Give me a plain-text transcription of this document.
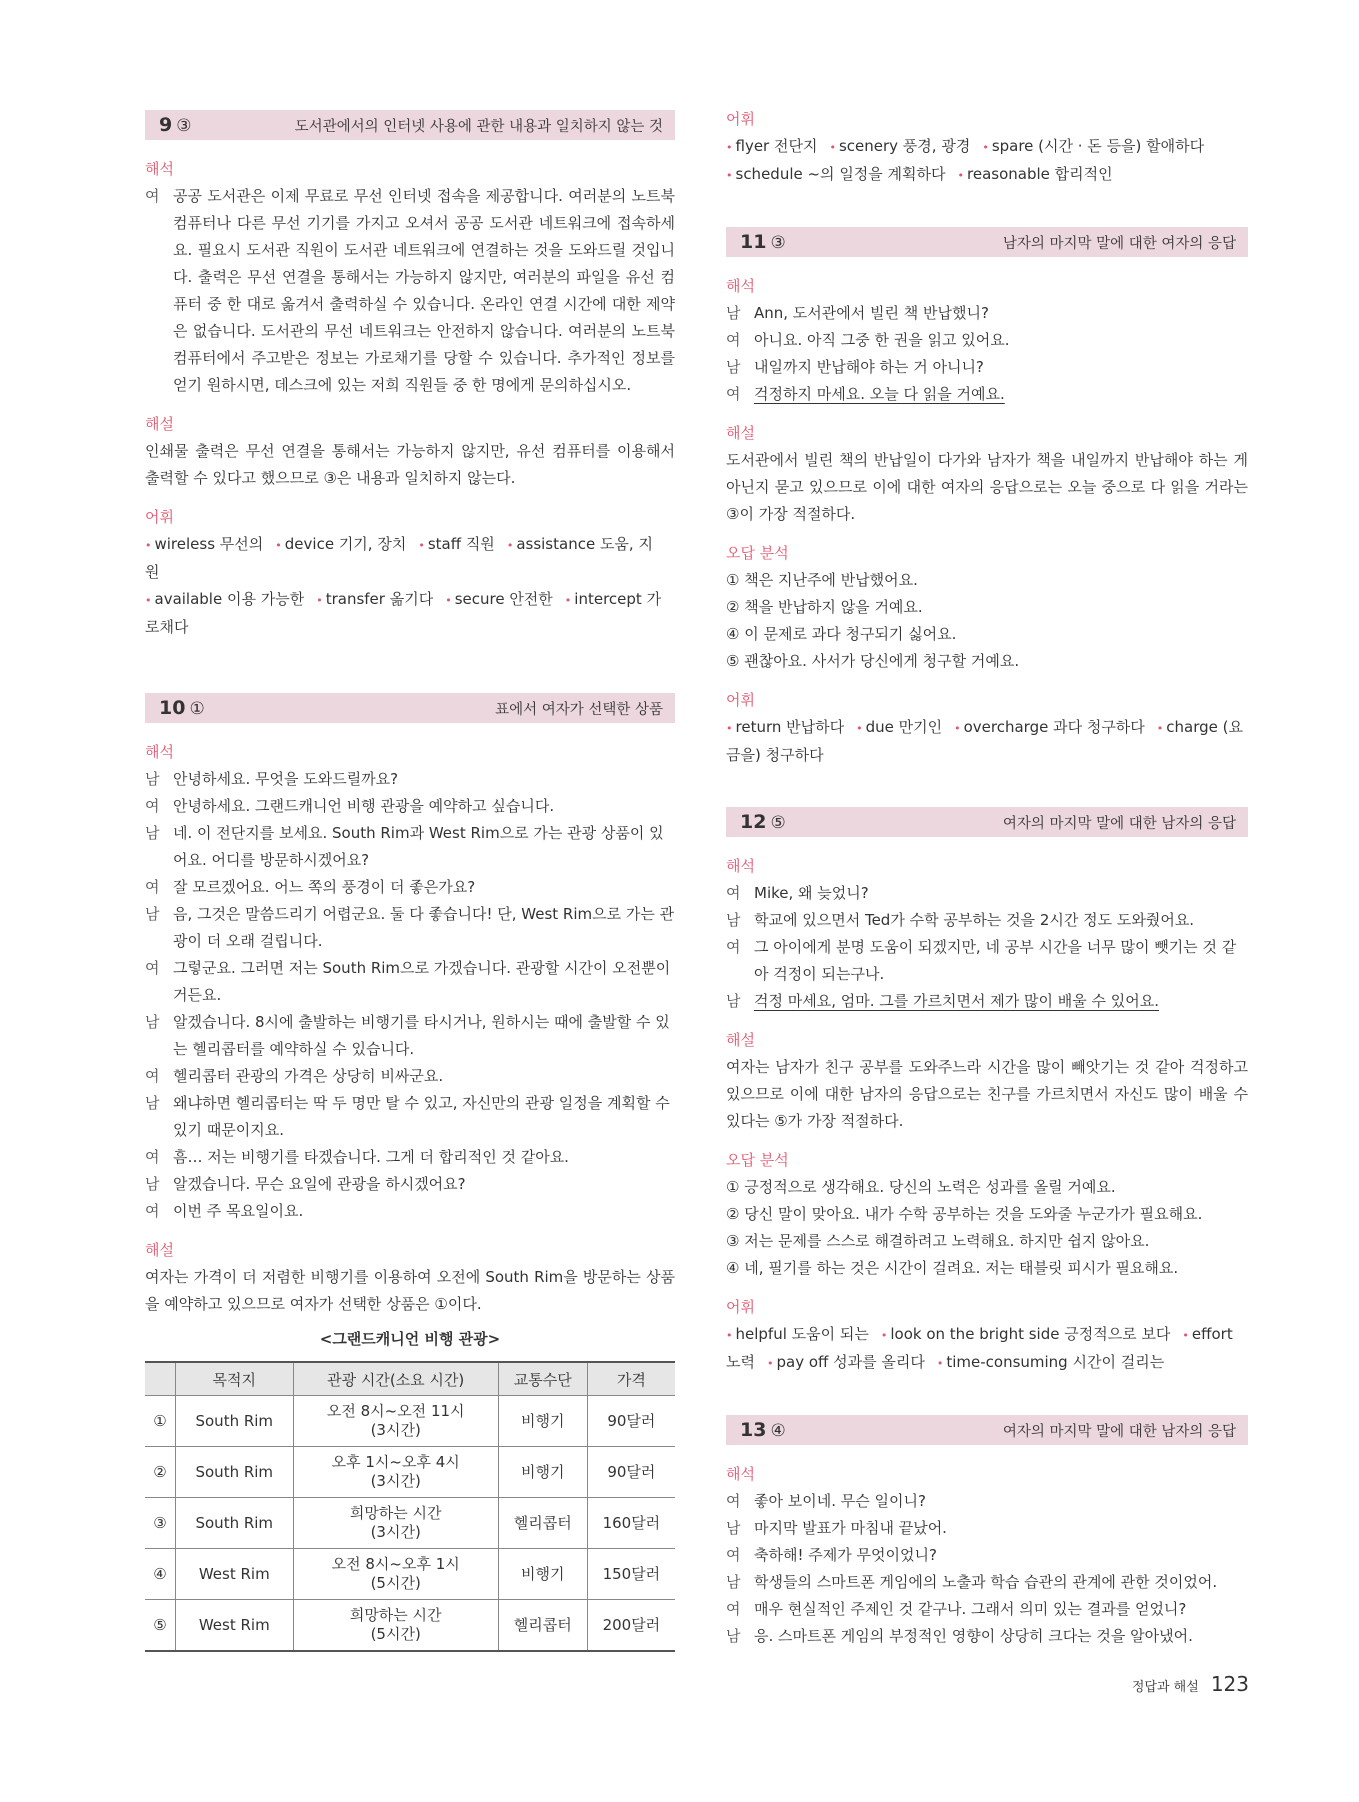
9 ③	도서관에서의 인터넷 사용에 관한 내용과 일치하지 않는 것
해석
여 공공 도서관은 이제 무료로 무선 인터넷 접속을 제공합니다. 여러분의 노트북 컴퓨터나 다른 무선 기기를 가지고 오셔서 공공 도서관 네트워크에 접속하세요. 필요시 도서관 직원이 도서관 네트워크에 연결하는 것을 도와드릴 것입니다. 출력은 무선 연결을 통해서는 가능하지 않지만, 여러분의 파일을 유선 컴퓨터 중 한 대로 옮겨서 출력하실 수 있습니다. 온라인 연결 시간에 대한 제약은 없습니다. 도서관의 무선 네트워크는 안전하지 않습니다. 여러분의 노트북 컴퓨터에서 주고받은 정보는 가로채기를 당할 수 있습니다. 추가적인 정보를 얻기 원하시면, 데스크에 있는 저희 직원들 중 한 명에게 문의하십시오.
해설
인쇄물 출력은 무선 연결을 통해서는 가능하지 않지만, 유선 컴퓨터를 이용해서 출력할 수 있다고 했으므로 ③은 내용과 일치하지 않는다.
어휘
• wireless 무선의 • device 기기, 장치 • staff 직원 • assistance 도움, 지원
• available 이용 가능한 • transfer 옮기다 • secure 안전한 • intercept 가로채다
10 ①	표에서 여자가 선택한 상품
해석
남 안녕하세요. 무엇을 도와드릴까요?
여 안녕하세요. 그랜드캐니언 비행 관광을 예약하고 싶습니다.
남 네. 이 전단지를 보세요. South Rim과 West Rim으로 가는 관광 상품이 있어요. 어디를 방문하시겠어요?
여 잘 모르겠어요. 어느 쪽의 풍경이 더 좋은가요?
남 음, 그것은 말씀드리기 어렵군요. 둘 다 좋습니다! 단, West Rim으로 가는 관광이 더 오래 걸립니다.
여 그렇군요. 그러면 저는 South Rim으로 가겠습니다. 관광할 시간이 오전뿐이거든요.
남 알겠습니다. 8시에 출발하는 비행기를 타시거나, 원하시는 때에 출발할 수 있는 헬리콥터를 예약하실 수 있습니다.
여 헬리콥터 관광의 가격은 상당히 비싸군요.
남 왜냐하면 헬리콥터는 딱 두 명만 탈 수 있고, 자신만의 관광 일정을 계획할 수 있기 때문이지요.
여 흠… 저는 비행기를 타겠습니다. 그게 더 합리적인 것 같아요.
남 알겠습니다. 무슨 요일에 관광을 하시겠어요?
여 이번 주 목요일이요.
해설
여자는 가격이 더 저렴한 비행기를 이용하여 오전에 South Rim을 방문하는 상품을 예약하고 있으므로 여자가 선택한 상품은 ①이다.
<그랜드캐니언 비행 관광>
	목적지	관광 시간(소요 시간)	교통수단	가격
①	South Rim	오전 8시~오전 11시
(3시간)	비행기	90달러
②	South Rim	오후 1시~오후 4시
(3시간)	비행기	90달러
③	South Rim	희망하는 시간
(3시간)	헬리콥터	160달러
④	West Rim	오전 8시~오후 1시
(5시간)	비행기	150달러
⑤	West Rim	희망하는 시간
(5시간)	헬리콥터	200달러
어휘
• flyer 전단지 • scenery 풍경, 광경 • spare (시간 · 돈 등을) 할애하다
• schedule ~의 일정을 계획하다 • reasonable 합리적인
11 ③	남자의 마지막 말에 대한 여자의 응답
해석
남 Ann, 도서관에서 빌린 책 반납했니?
여 아니요. 아직 그중 한 권을 읽고 있어요.
남 내일까지 반납해야 하는 거 아니니?
여 걱정하지 마세요. 오늘 다 읽을 거예요.
해설
도서관에서 빌린 책의 반납일이 다가와 남자가 책을 내일까지 반납해야 하는 게 아닌지 묻고 있으므로 이에 대한 여자의 응답으로는 오늘 중으로 다 읽을 거라는 ③이 가장 적절하다.
오답 분석
① 책은 지난주에 반납했어요.
② 책을 반납하지 않을 거예요.
④ 이 문제로 과다 청구되기 싫어요.
⑤ 괜찮아요. 사서가 당신에게 청구할 거예요.
어휘
• return 반납하다 • due 만기인 • overcharge 과다 청구하다 • charge (요금을) 청구하다
12 ⑤	여자의 마지막 말에 대한 남자의 응답
해석
여 Mike, 왜 늦었니?
남 학교에 있으면서 Ted가 수학 공부하는 것을 2시간 정도 도와줬어요.
여 그 아이에게 분명 도움이 되겠지만, 네 공부 시간을 너무 많이 뺏기는 것 같아 걱정이 되는구나.
남 걱정 마세요, 엄마. 그를 가르치면서 제가 많이 배울 수 있어요.
해설
여자는 남자가 친구 공부를 도와주느라 시간을 많이 빼앗기는 것 같아 걱정하고 있으므로 이에 대한 남자의 응답으로는 친구를 가르치면서 자신도 많이 배울 수 있다는 ⑤가 가장 적절하다.
오답 분석
① 긍정적으로 생각해요. 당신의 노력은 성과를 올릴 거예요.
② 당신 말이 맞아요. 내가 수학 공부하는 것을 도와줄 누군가가 필요해요.
③ 저는 문제를 스스로 해결하려고 노력해요. 하지만 쉽지 않아요.
④ 네, 필기를 하는 것은 시간이 걸려요. 저는 태블릿 피시가 필요해요.
어휘
• helpful 도움이 되는 • look on the bright side 긍정적으로 보다 • effort 노력 • pay off 성과를 올리다 • time-consuming 시간이 걸리는
13 ④	여자의 마지막 말에 대한 남자의 응답
해석
여 좋아 보이네. 무슨 일이니?
남 마지막 발표가 마침내 끝났어.
여 축하해! 주제가 무엇이었니?
남 학생들의 스마트폰 게임에의 노출과 학습 습관의 관계에 관한 것이었어.
여 매우 현실적인 주제인 것 같구나. 그래서 의미 있는 결과를 얻었니?
남 응. 스마트폰 게임의 부정적인 영향이 상당히 크다는 것을 알아냈어.
정답과 해설 123
